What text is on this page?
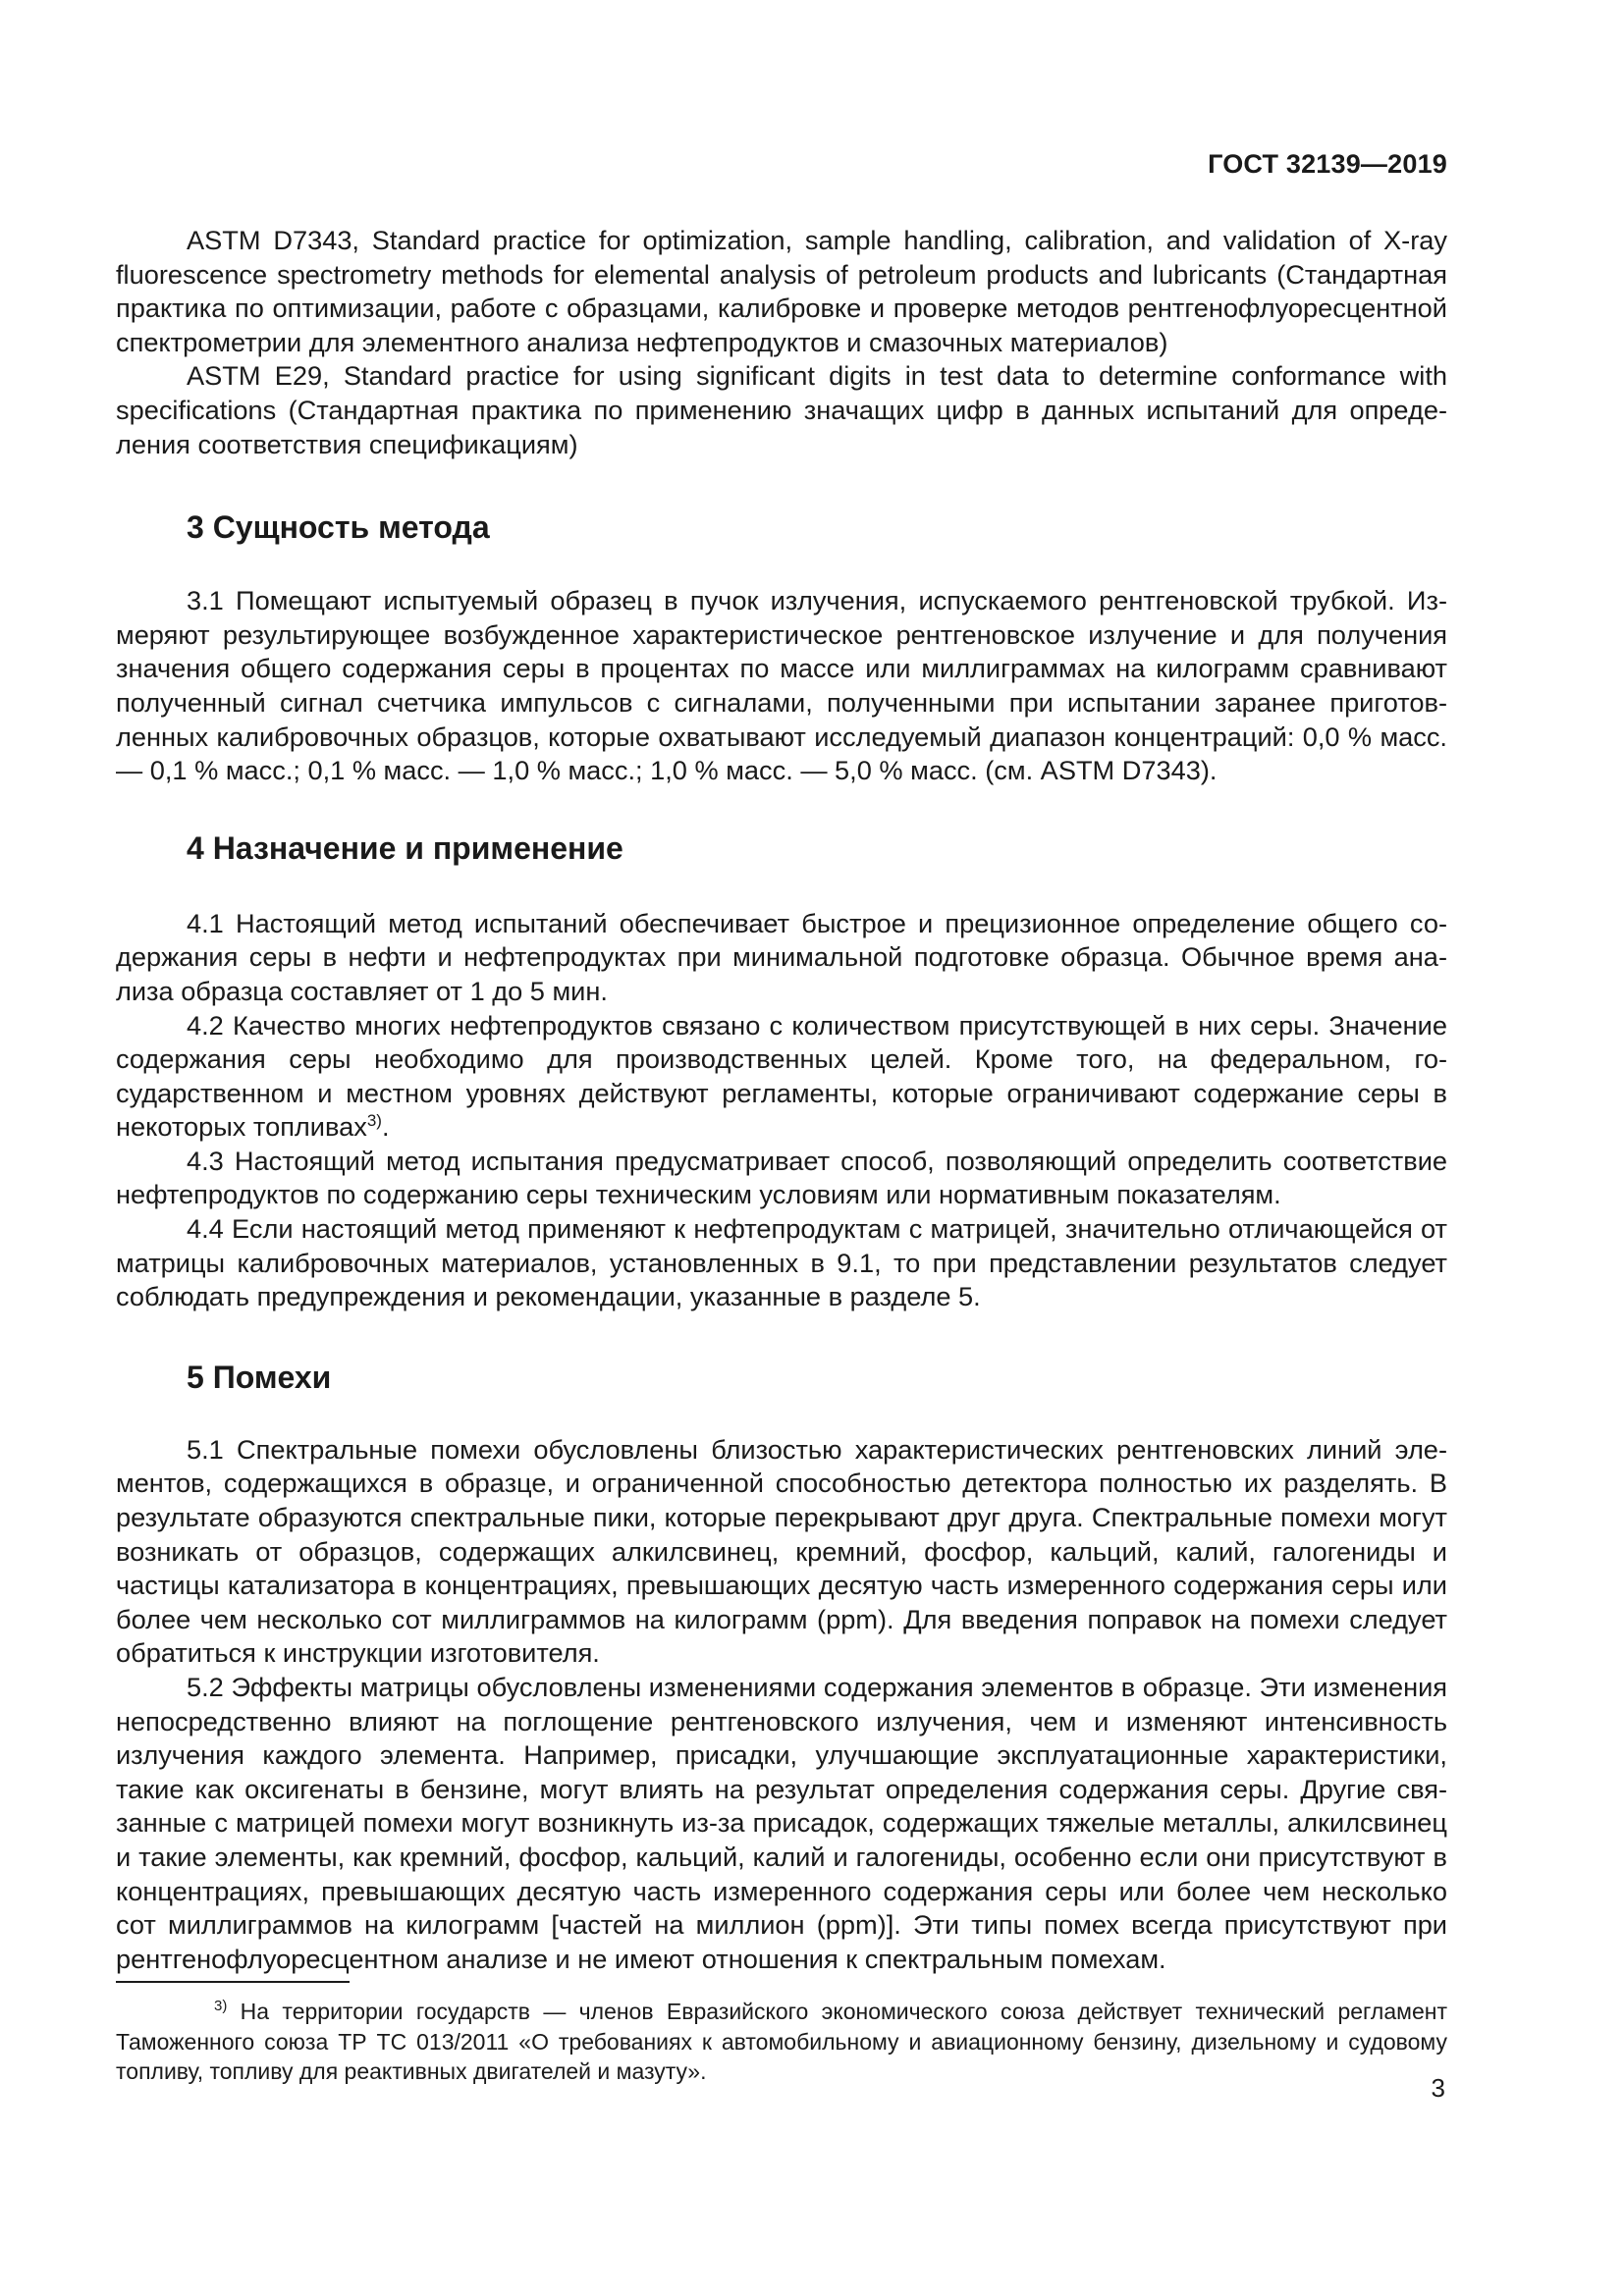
ГОСТ 32139—2019

ASTM D7343, Standard practice for optimization, sample handling, calibration, and validation of X-ray fluorescence spectrometry methods for elemental analysis of petroleum products and lubricants (Стандартная практика по оптимизации, работе с образцами, калибровке и проверке методов рентгенофлуоресцентной спектрометрии для элементного анализа нефтепродуктов и смазочных материалов)

ASTM E29, Standard practice for using significant digits in test data to determine conformance with specifications (Стандартная практика по применению значащих цифр в данных испытаний для определения соответствия спецификациям)

3 Сущность метода

3.1 Помещают испытуемый образец в пучок излучения, испускаемого рентгеновской трубкой. Измеряют результирующее возбужденное характеристическое рентгеновское излучение и для получения значения общего содержания серы в процентах по массе или миллиграммах на килограмм сравнивают полученный сигнал счетчика импульсов с сигналами, полученными при испытании заранее приготовленных калибровочных образцов, которые охватывают исследуемый диапазон концентраций: 0,0 % масс. — 0,1 % масс.; 0,1 % масс. — 1,0 % масс.; 1,0 % масс. — 5,0 % масс. (см. ASTM D7343).

4 Назначение и применение

4.1 Настоящий метод испытаний обеспечивает быстрое и прецизионное определение общего содержания серы в нефти и нефтепродуктах при минимальной подготовке образца. Обычное время анализа образца составляет от 1 до 5 мин.

4.2 Качество многих нефтепродуктов связано с количеством присутствующей в них серы. Значение содержания серы необходимо для производственных целей. Кроме того, на федеральном, государственном и местном уровнях действуют регламенты, которые ограничивают содержание серы в некоторых топливах$^{3)}$.

4.3 Настоящий метод испытания предусматривает способ, позволяющий определить соответствие нефтепродуктов по содержанию серы техническим условиям или нормативным показателям.

4.4 Если настоящий метод применяют к нефтепродуктам с матрицей, значительно отличающейся от матрицы калибровочных материалов, установленных в 9.1, то при представлении результатов следует соблюдать предупреждения и рекомендации, указанные в разделе 5.

5 Помехи

5.1 Спектральные помехи обусловлены близостью характеристических рентгеновских линий элементов, содержащихся в образце, и ограниченной способностью детектора полностью их разделять. В результате образуются спектральные пики, которые перекрывают друг друга. Спектральные помехи могут возникать от образцов, содержащих алкилсвинец, кремний, фосфор, кальций, калий, галогениды и частицы катализатора в концентрациях, превышающих десятую часть измеренного содержания серы или более чем несколько сот миллиграммов на килограмм (ppm). Для введения поправок на помехи следует обратиться к инструкции изготовителя.

5.2 Эффекты матрицы обусловлены изменениями содержания элементов в образце. Эти изменения непосредственно влияют на поглощение рентгеновского излучения, чем и изменяют интенсивность излучения каждого элемента. Например, присадки, улучшающие эксплуатационные характеристики, такие как оксигенаты в бензине, могут влиять на результат определения содержания серы. Другие связанные с матрицей помехи могут возникнуть из-за присадок, содержащих тяжелые металлы, алкилсвинец и такие элементы, как кремний, фосфор, кальций, калий и галогениды, особенно если они присутствуют в концентрациях, превышающих десятую часть измеренного содержания серы или более чем несколько сот миллиграммов на килограмм [частей на миллион (ppm)]. Эти типы помех всегда присутствуют при рентгенофлуоресцентном анализе и не имеют отношения к спектральным помехам.

$^{3)}$ На территории государств — членов Евразийского экономического союза действует технический регламент Таможенного союза ТР ТС 013/2011 «О требованиях к автомобильному и авиационному бензину, дизельному и судовому топливу, топливу для реактивных двигателей и мазуту».

3
